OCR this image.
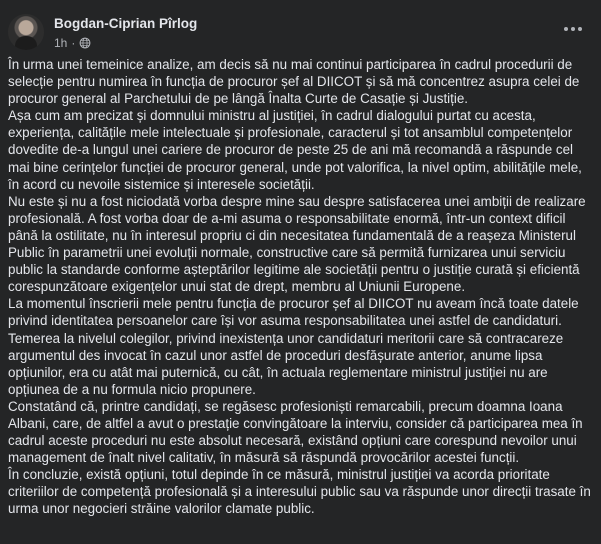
Bogdan-Ciprian Pîrlog
1h ·

În urma unei temeinice analize, am decis să nu mai continui participarea în cadrul procedurii de selecție pentru numirea în funcția de procuror șef al DIICOT și să mă concentrez asupra celei de procuror general al Parchetului de pe lângă Înalta Curte de Casație și Justiție.

Așa cum am precizat și domnului ministru al justiției, în cadrul dialogului purtat cu acesta, experiența, calitățile mele intelectuale și profesionale, caracterul și tot ansamblul competențelor dovedite de-a lungul unei cariere de procuror de peste 25 de ani mă recomandă a răspunde cel mai bine cerințelor funcției de procuror general, unde pot valorifica, la nivel optim, abilitățile mele, în acord cu nevoile sistemice și interesele societății.

Nu este și nu a fost niciodată vorba despre mine sau despre satisfacerea unei ambiții de realizare profesională. A fost vorba doar de a-mi asuma o responsabilitate enormă, într-un context dificil până la ostilitate, nu în interesul propriu ci din necesitatea fundamentală de a reașeza Ministerul Public în parametrii unei evoluții normale, constructive care să permită furnizarea unui serviciu public la standarde conforme așteptărilor legitime ale societății pentru o justiție curată și eficientă corespunzătoare exigențelor unui stat de drept, membru al Uniunii Europene.

La momentul înscrierii mele pentru funcția de procuror șef al DIICOT nu aveam încă toate datele privind identitatea persoanelor care își vor asuma responsabilitatea unei astfel de candidaturi.

Temerea la nivelul colegilor, privind inexistența unor candidaturi meritorii care să contracareze argumentul des invocat în cazul unor astfel de proceduri desfășurate anterior, anume lipsa opțiunilor, era cu atât mai puternică, cu cât, în actuala reglementare ministrul justiției nu are opțiunea de a nu formula nicio propunere.

Constatând că, printre candidați, se regăsesc profesioniști remarcabili, precum doamna Ioana Albani, care, de altfel a avut o prestație convingătoare la interviu, consider că participarea mea în cadrul aceste proceduri nu este absolut necesară, existând opțiuni care corespund nevoilor unui management de înalt nivel calitativ, în măsură să răspundă provocărilor acestei funcții.

În concluzie, există opțiuni, totul depinde în ce măsură, ministrul justiției va acorda prioritate criteriilor de competență profesională și a interesului public sau va răspunde unor direcții trasate în urma unor negocieri străine valorilor clamate public.
